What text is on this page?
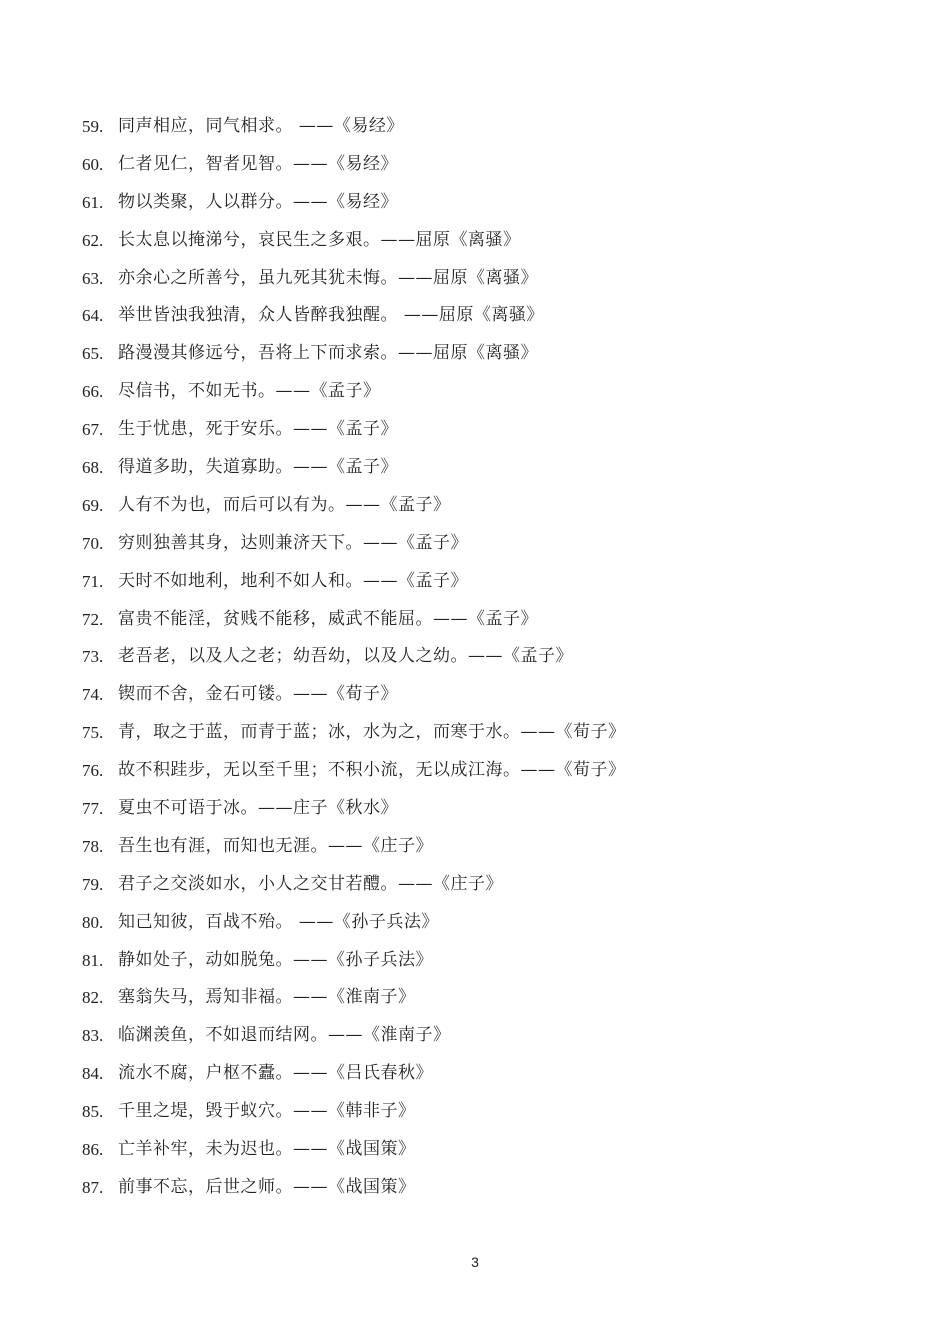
59. 同声相应，同气相求。 ——《易经》
60. 仁者见仁，智者见智。——《易经》
61. 物以类聚，人以群分。——《易经》
62. 长太息以掩涕兮，哀民生之多艰。——屈原《离骚》
63. 亦余心之所善兮，虽九死其犹未悔。——屈原《离骚》
64. 举世皆浊我独清，众人皆醉我独醒。 ——屈原《离骚》
65. 路漫漫其修远兮，吾将上下而求索。——屈原《离骚》
66. 尽信书，不如无书。——《孟子》
67. 生于忧患，死于安乐。——《孟子》
68. 得道多助，失道寡助。——《孟子》
69. 人有不为也，而后可以有为。——《孟子》
70. 穷则独善其身，达则兼济天下。——《孟子》
71. 天时不如地利，地利不如人和。——《孟子》
72. 富贵不能淫，贫贱不能移，威武不能屈。——《孟子》
73. 老吾老，以及人之老；幼吾幼，以及人之幼。——《孟子》
74. 锲而不舍，金石可镂。——《荀子》
75. 青，取之于蓝，而青于蓝；冰，水为之，而寒于水。——《荀子》
76. 故不积跬步，无以至千里；不积小流，无以成江海。——《荀子》
77. 夏虫不可语于冰。——庄子《秋水》
78. 吾生也有涯，而知也无涯。——《庄子》
79. 君子之交淡如水，小人之交甘若醴。——《庄子》
80. 知己知彼，百战不殆。 ——《孙子兵法》
81. 静如处子，动如脱兔。——《孙子兵法》
82. 塞翁失马，焉知非福。——《淮南子》
83. 临渊羡鱼，不如退而结网。——《淮南子》
84. 流水不腐，户枢不蠹。——《吕氏春秋》
85. 千里之堤，毁于蚁穴。——《韩非子》
86. 亡羊补牢，未为迟也。——《战国策》
87. 前事不忘，后世之师。——《战国策》
3
